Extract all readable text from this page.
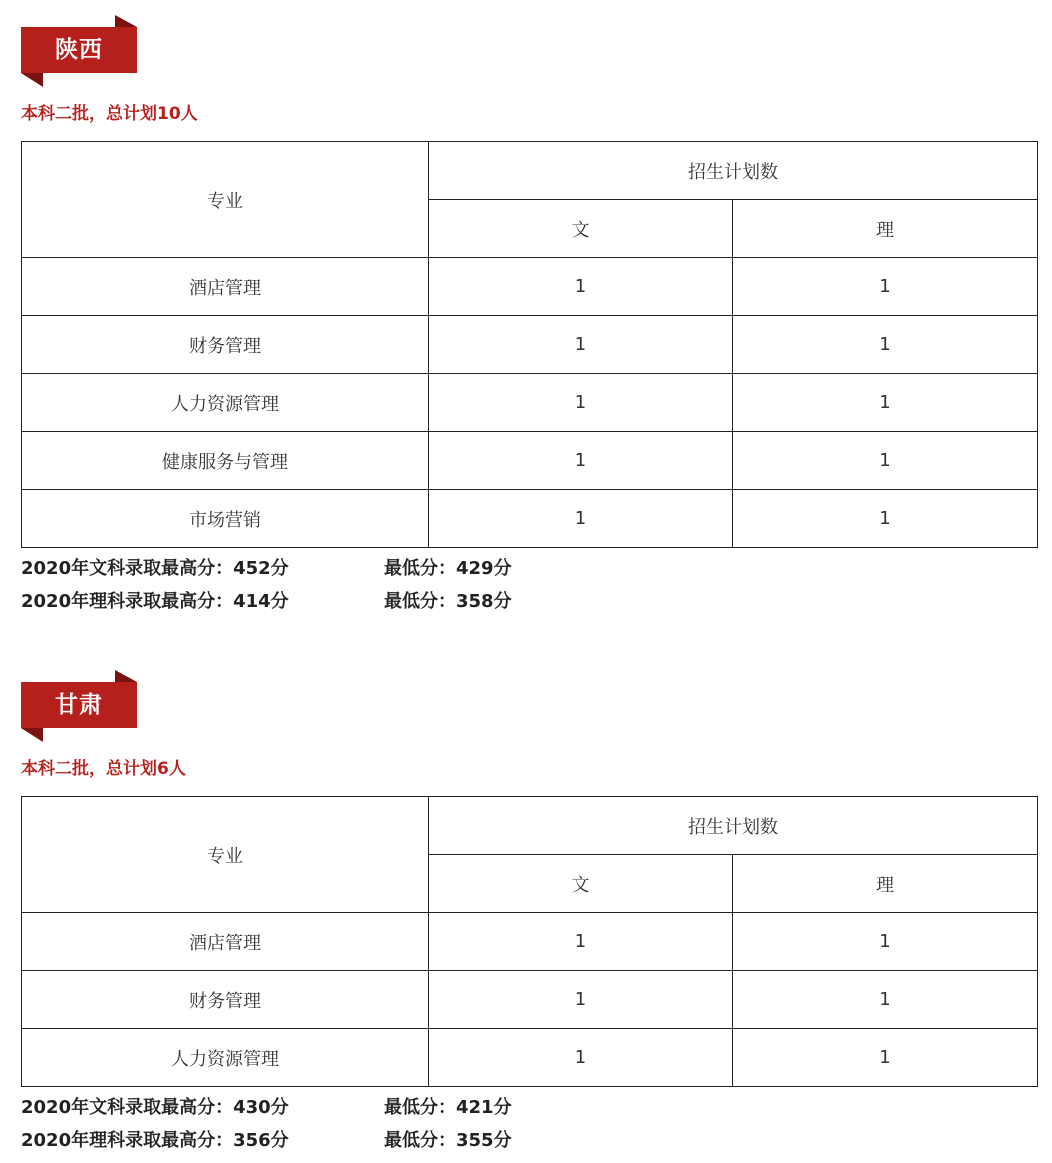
陕西
本科二批，总计划10人
专业	招生计划数	
	文	理
酒店管理	1	1
财务管理	1	1
人力资源管理	1	1
健康服务与管理	1	1
市场营销	1	1
2020年文科录取最高分：452分	最低分：429分
2020年理科录取最高分：414分	最低分：358分
甘肃
本科二批，总计划6人
专业	招生计划数	
	文	理
酒店管理	1	1
财务管理	1	1
人力资源管理	1	1
2020年文科录取最高分：430分	最低分：421分
2020年理科录取最高分：356分	最低分：355分
